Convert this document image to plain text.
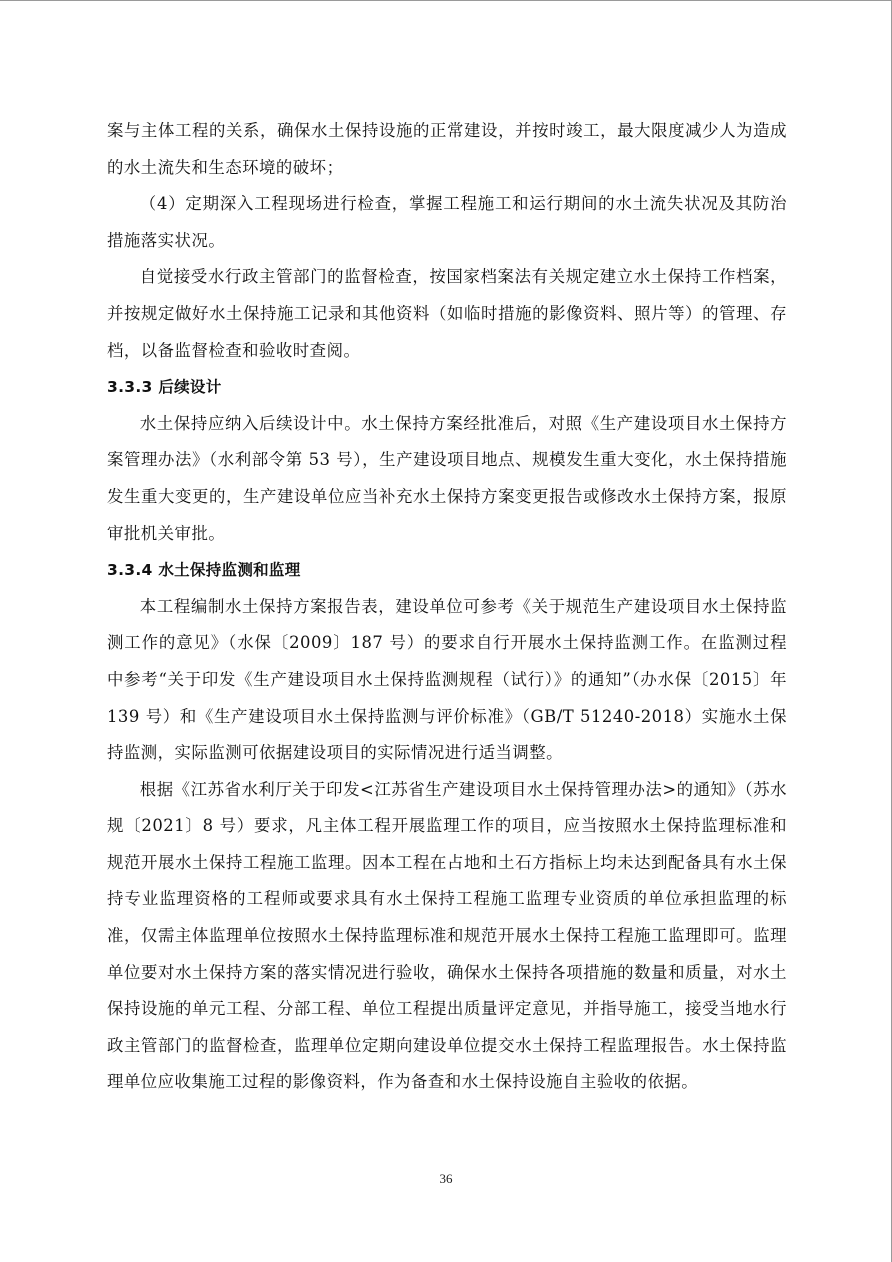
案与主体工程的关系，确保水土保持设施的正常建设，并按时竣工，最大限度减少人为造成的水土流失和生态环境的破坏；

（4）定期深入工程现场进行检查，掌握工程施工和运行期间的水土流失状况及其防治措施落实状况。

自觉接受水行政主管部门的监督检查，按国家档案法有关规定建立水土保持工作档案，并按规定做好水土保持施工记录和其他资料（如临时措施的影像资料、照片等）的管理、存档，以备监督检查和验收时查阅。

3.3.3 后续设计

水土保持应纳入后续设计中。水土保持方案经批准后，对照《生产建设项目水土保持方案管理办法》（水利部令第 53 号），生产建设项目地点、规模发生重大变化，水土保持措施发生重大变更的，生产建设单位应当补充水土保持方案变更报告或修改水土保持方案，报原审批机关审批。

3.3.4 水土保持监测和监理

本工程编制水土保持方案报告表，建设单位可参考《关于规范生产建设项目水土保持监测工作的意见》（水保〔2009〕187 号）的要求自行开展水土保持监测工作。在监测过程中参考“关于印发《生产建设项目水土保持监测规程（试行）》的通知”（办水保〔2015〕年 139 号）和《生产建设项目水土保持监测与评价标准》（GB/T 51240-2018）实施水土保持监测，实际监测可依据建设项目的实际情况进行适当调整。

根据《江苏省水利厅关于印发<江苏省生产建设项目水土保持管理办法>的通知》（苏水规〔2021〕8 号）要求，凡主体工程开展监理工作的项目，应当按照水土保持监理标准和规范开展水土保持工程施工监理。因本工程在占地和土石方指标上均未达到配备具有水土保持专业监理资格的工程师或要求具有水土保持工程施工监理专业资质的单位承担监理的标准，仅需主体监理单位按照水土保持监理标准和规范开展水土保持工程施工监理即可。监理单位要对水土保持方案的落实情况进行验收，确保水土保持各项措施的数量和质量，对水土保持设施的单元工程、分部工程、单位工程提出质量评定意见，并指导施工，接受当地水行政主管部门的监督检查，监理单位定期向建设单位提交水土保持工程监理报告。水土保持监理单位应收集施工过程的影像资料，作为备查和水土保持设施自主验收的依据。

36
